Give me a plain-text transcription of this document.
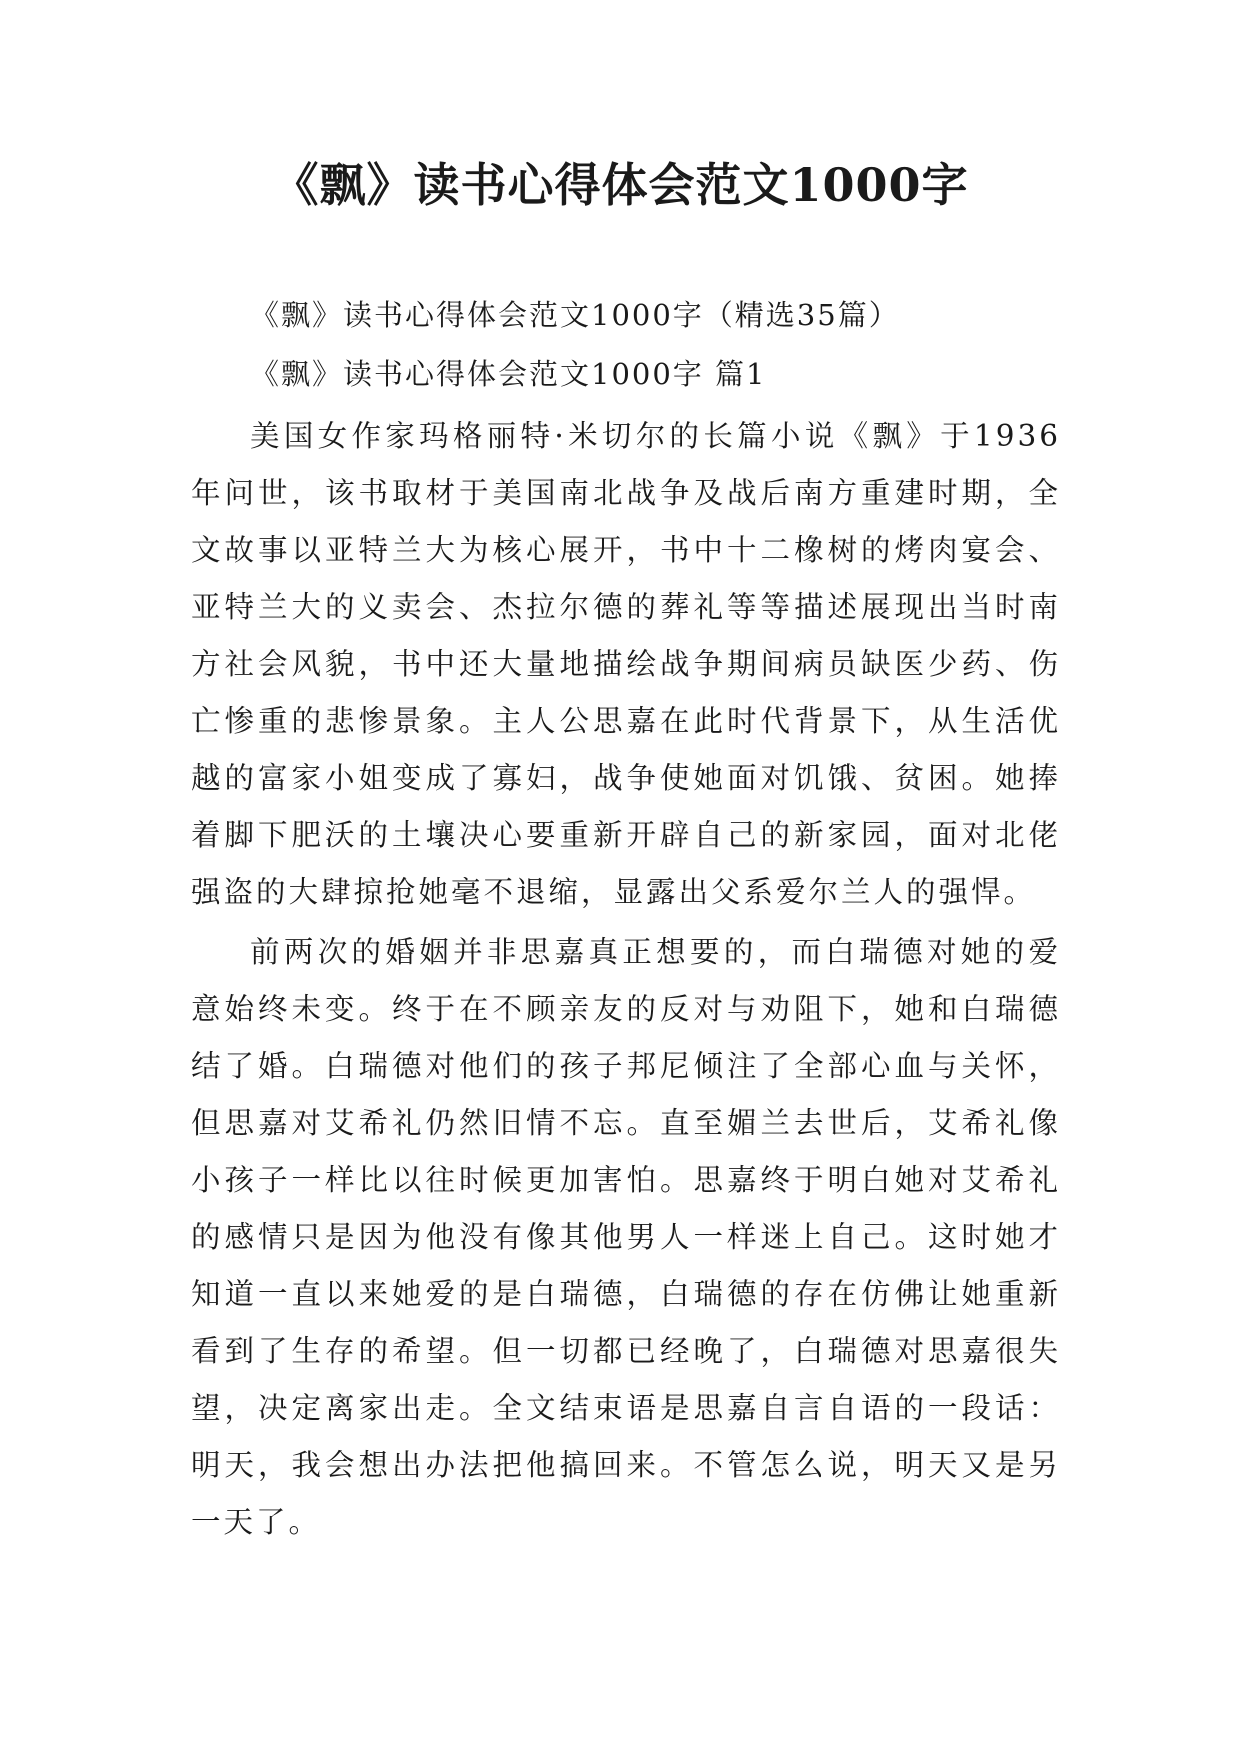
《飘》读书心得体会范文1000字

《飘》读书心得体会范文1000字（精选35篇）

《飘》读书心得体会范文1000字 篇1

美国女作家玛格丽特·米切尔的长篇小说《飘》于1936年问世，该书取材于美国南北战争及战后南方重建时期，全文故事以亚特兰大为核心展开，书中十二橡树的烤肉宴会、亚特兰大的义卖会、杰拉尔德的葬礼等等描述展现出当时南方社会风貌，书中还大量地描绘战争期间病员缺医少药、伤亡惨重的悲惨景象。主人公思嘉在此时代背景下，从生活优越的富家小姐变成了寡妇，战争使她面对饥饿、贫困。她捧着脚下肥沃的土壤决心要重新开辟自己的新家园，面对北佬强盗的大肆掠抢她毫不退缩，显露出父系爱尔兰人的强悍。

前两次的婚姻并非思嘉真正想要的，而白瑞德对她的爱意始终未变。终于在不顾亲友的反对与劝阻下，她和白瑞德结了婚。白瑞德对他们的孩子邦尼倾注了全部心血与关怀，但思嘉对艾希礼仍然旧情不忘。直至媚兰去世后，艾希礼像小孩子一样比以往时候更加害怕。思嘉终于明白她对艾希礼的感情只是因为他没有像其他男人一样迷上自己。这时她才知道一直以来她爱的是白瑞德，白瑞德的存在仿佛让她重新看到了生存的希望。但一切都已经晚了，白瑞德对思嘉很失望，决定离家出走。全文结束语是思嘉自言自语的一段话：明天，我会想出办法把他搞回来。不管怎么说，明天又是另一天了。
